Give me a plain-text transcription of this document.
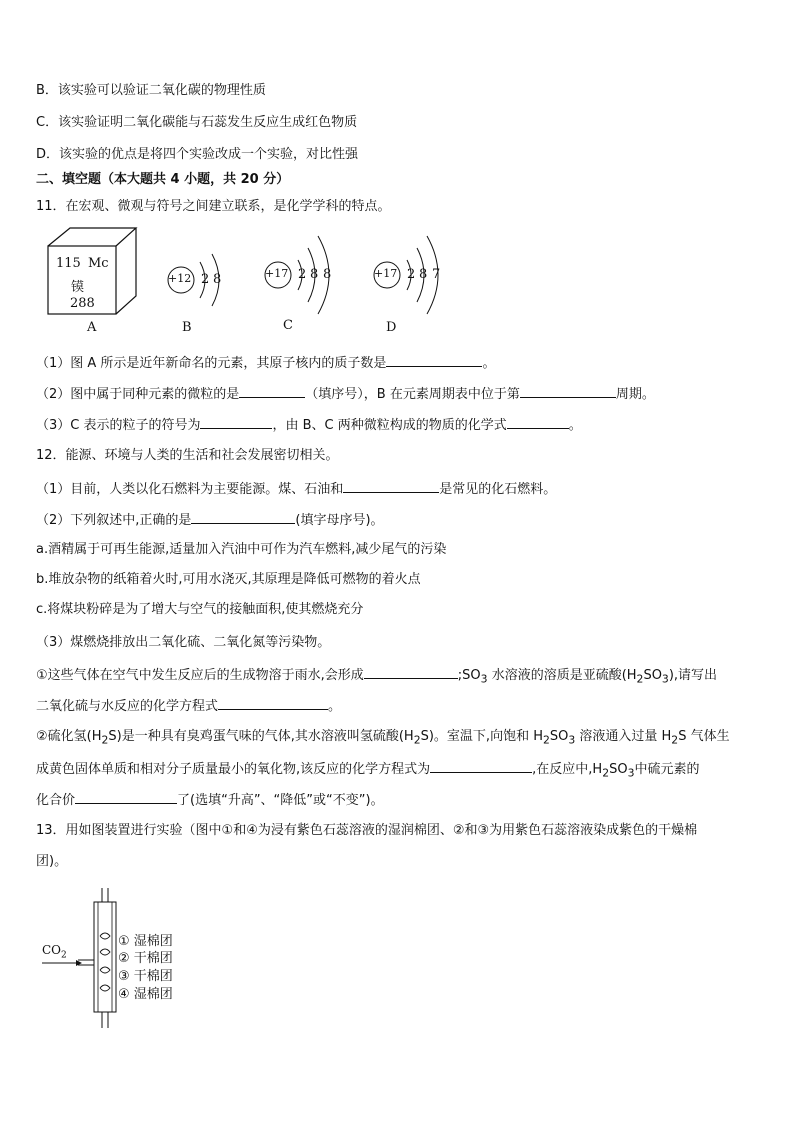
B．该实验可以验证二氧化碳的物理性质
C．该实验证明二氧化碳能与石蕊发生反应生成红色物质
D．该实验的优点是将四个实验改成一个实验，对比性强
二、填空题（本大题共 4 小题，共 20 分）
11．在宏观、微观与符号之间建立联系，是化学学科的特点。
115 Mc
镆
288
A
+12 2 8
B
+17 2 8 8
C
+17 2 8 7
D
（1）图 A 所示是近年新命名的元素，其原子核内的质子数是	。
（2）图中属于同种元素的微粒的是	（填序号），B 在元素周期表中位于第	周期。
（3）C 表示的粒子的符号为	，由 B、C 两种微粒构成的物质的化学式	。
12．能源、环境与人类的生活和社会发展密切相关。
（1）目前，人类以化石燃料为主要能源。煤、石油和	是常见的化石燃料。
（2）下列叙述中,正确的是	(填字母序号)。
a.酒精属于可再生能源,适量加入汽油中可作为汽车燃料,减少尾气的污染
b.堆放杂物的纸箱着火时,可用水浇灭,其原理是降低可燃物的着火点
c.将煤块粉碎是为了增大与空气的接触面积,使其燃烧充分
（3）煤燃烧排放出二氧化硫、二氧化氮等污染物。
①这些气体在空气中发生反应后的生成物溶于雨水,会形成	$;SO_3$ 水溶液的溶质是亚硫酸$(H_2SO_3)$,请写出
二氧化硫与水反应的化学方程式	。
②硫化氢$(H_2S)$是一种具有臭鸡蛋气味的气体,其水溶液叫氢硫酸$(H_2S)$。室温下,向饱和 $H_2SO_3$ 溶液通入过量 $H_2S$ 气体生
成黄色固体单质和相对分子质量最小的氧化物,该反应的化学方程式为	,在反应中$,H_2SO_3$中硫元素的
化合价	了(选填“升高”、“降低”或“不变”)。
13．用如图装置进行实验（图中①和④为浸有紫色石蕊溶液的湿润棉团、②和③为用紫色石蕊溶液染成紫色的干燥棉
团)。
$CO_2$
① 湿棉团
② 干棉团
③ 干棉团
④ 湿棉团
